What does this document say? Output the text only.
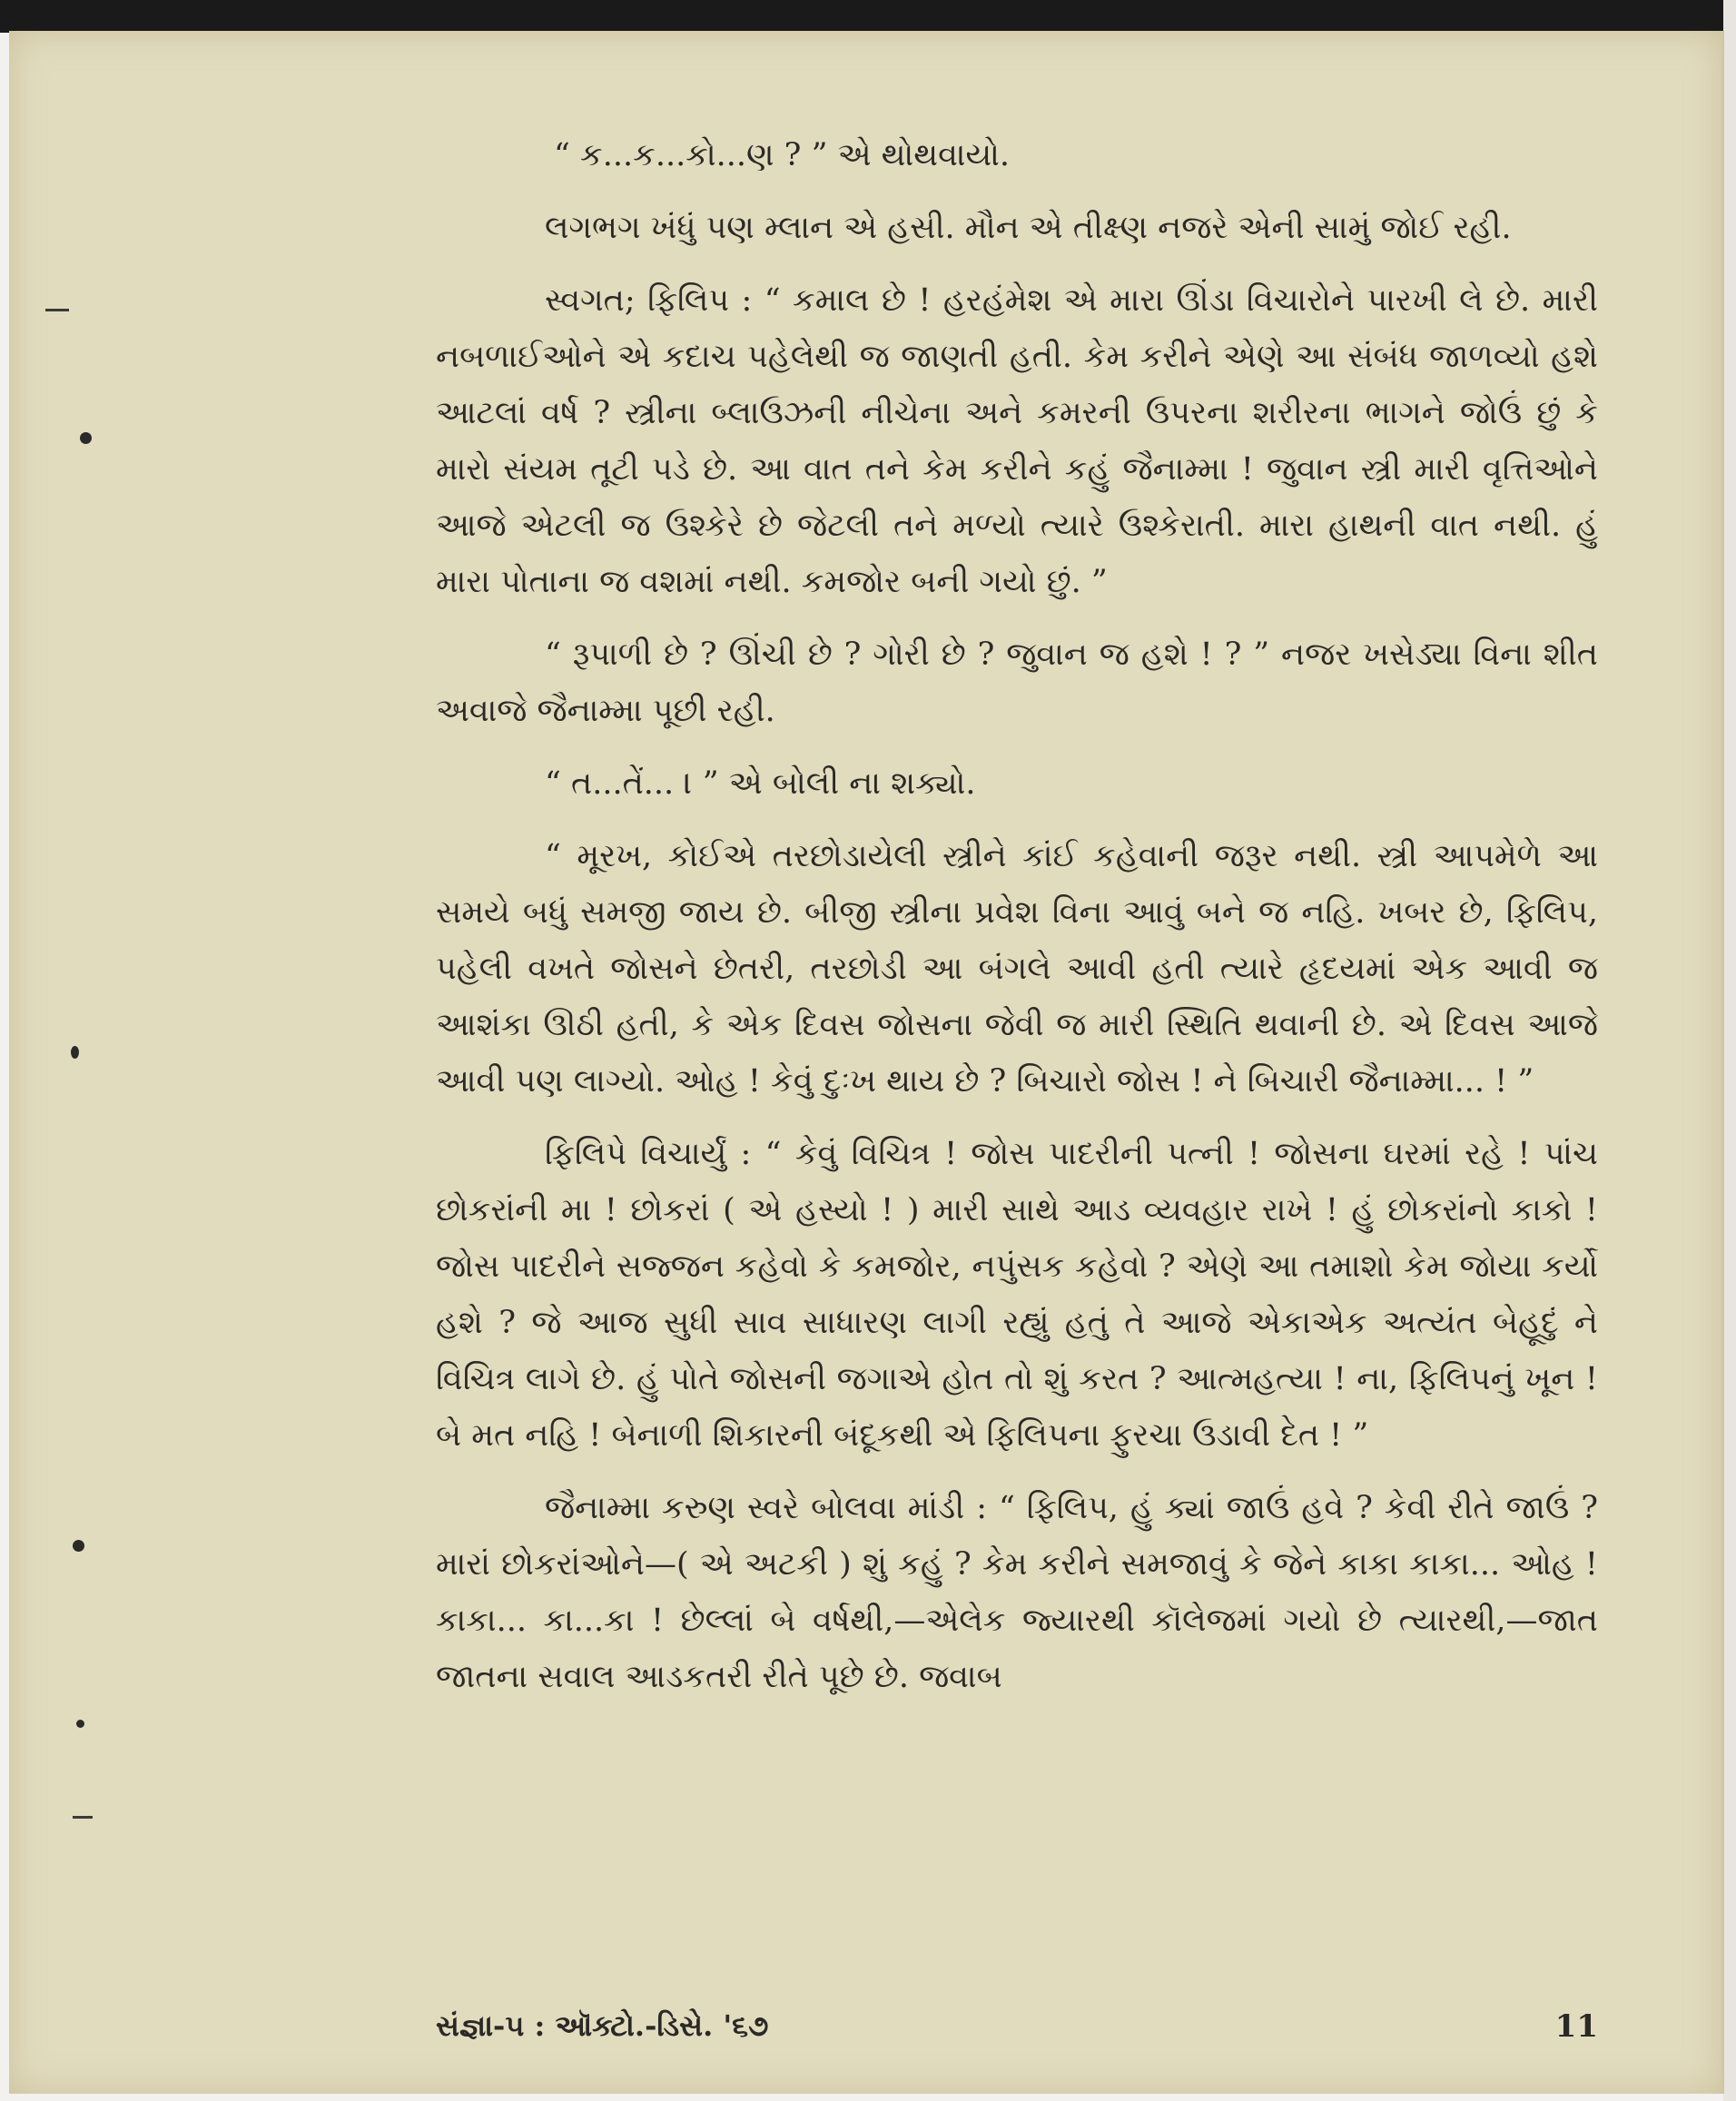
“ ક...ક...કો...ણ ? ” એ થોથવાયો.

લગભગ ખંધું પણ મ્લાન એ હસી. મૌન એ તીક્ષ્ણ નજરે એની સામું જોઈ રહી.

સ્વગત; ફિલિપ : “ કમાલ છે ! હરહંમેશ એ મારા ઊંડા વિચારોને પારખી લે છે. મારી નબળાઈઓને એ કદાચ પહેલેથી જ જાણતી હતી. કેમ કરીને એણે આ સંબંધ જાળવ્યો હશે આટલાં વર્ષ ? સ્ત્રીના બ્લાઉઝની નીચેના અને કમરની ઉપરના શરીરના ભાગને જોઉં છું કે મારો સંયમ તૂટી પડે છે. આ વાત તને કેમ કરીને કહું જૈનામ્મા ! જુવાન સ્ત્રી મારી વૃત્તિઓને આજે એટલી જ ઉશ્કેરે છે જેટલી તને મળ્યો ત્યારે ઉશ્કેરાતી. મારા હાથની વાત નથી. હું મારા પોતાના જ વશમાં નથી. કમજોર બની ગયો છું. ”

“ રૂપાળી છે ? ઊંચી છે ? ગોરી છે ? જુવાન જ હશે ! ? ” નજર ખસેડ્યા વિના શીત અવાજે જૈનામ્મા પૂછી રહી.

“ ત...તેં... । ” એ બોલી ના શક્યો.

“ મૂરખ, કોઈએ તરછોડાયેલી સ્ત્રીને કાંઈ કહેવાની જરૂર નથી. સ્ત્રી આપમેળે આ સમયે બધું સમજી જાય છે. બીજી સ્ત્રીના પ્રવેશ વિના આવું બને જ નહિ. ખબર છે, ફિલિપ, પહેલી વખતે જોસને છેતરી, તરછોડી આ બંગલે આવી હતી ત્યારે હૃદયમાં એક આવી જ આશંકા ઊઠી હતી, કે એક દિવસ જોસના જેવી જ મારી સ્થિતિ થવાની છે. એ દિવસ આજે આવી પણ લાગ્યો. ઓહ ! કેવું દુઃખ થાય છે ? બિચારો જોસ ! ને બિચારી જૈનામ્મા... ! ”

ફિલિપે વિચાર્યું : “ કેવું વિચિત્ર ! જોસ પાદરીની પત્ની ! જોસના ઘરમાં રહે ! પાંચ છોકરાંની મા ! છોકરાં ( એ હસ્યો ! ) મારી સાથે આડ વ્યવહાર રાખે ! હું છોકરાંનો કાકો ! જોસ પાદરીને સજ્જન કહેવો કે કમજોર, નપુંસક કહેવો ? એણે આ તમાશો કેમ જોયા કર્યો હશે ? જે આજ સુધી સાવ સાધારણ લાગી રહ્યું હતું તે આજે એકાએક અત્યંત બેહૂદું ને વિચિત્ર લાગે છે. હું પોતે જોસની જગાએ હોત તો શું કરત ? આત્મહત્યા ! ના, ફિલિપનું ખૂન ! બે મત નહિ ! બેનાળી શિકારની બંદૂકથી એ ફિલિપના ફુરચા ઉડાવી દેત ! ”

જૈનામ્મા કરુણ સ્વરે બોલવા માંડી : “ ફિલિપ, હું ક્યાં જાઉં હવે ? કેવી રીતે જાઉં ? મારાં છોકરાંઓને—( એ અટકી ) શું કહું ? કેમ કરીને સમજાવું કે જેને કાકા કાકા... ઓહ ! કાકા... કા...કા ! છેલ્લાં બે વર્ષથી,—એલેક જ્યારથી કૉલેજમાં ગયો છે ત્યારથી,—જાત જાતના સવાલ આડકતરી રીતે પૂછે છે. જવાબ

સંજ્ઞા-૫ : ઑક્ટો.-ડિસે. '૬૭	11
